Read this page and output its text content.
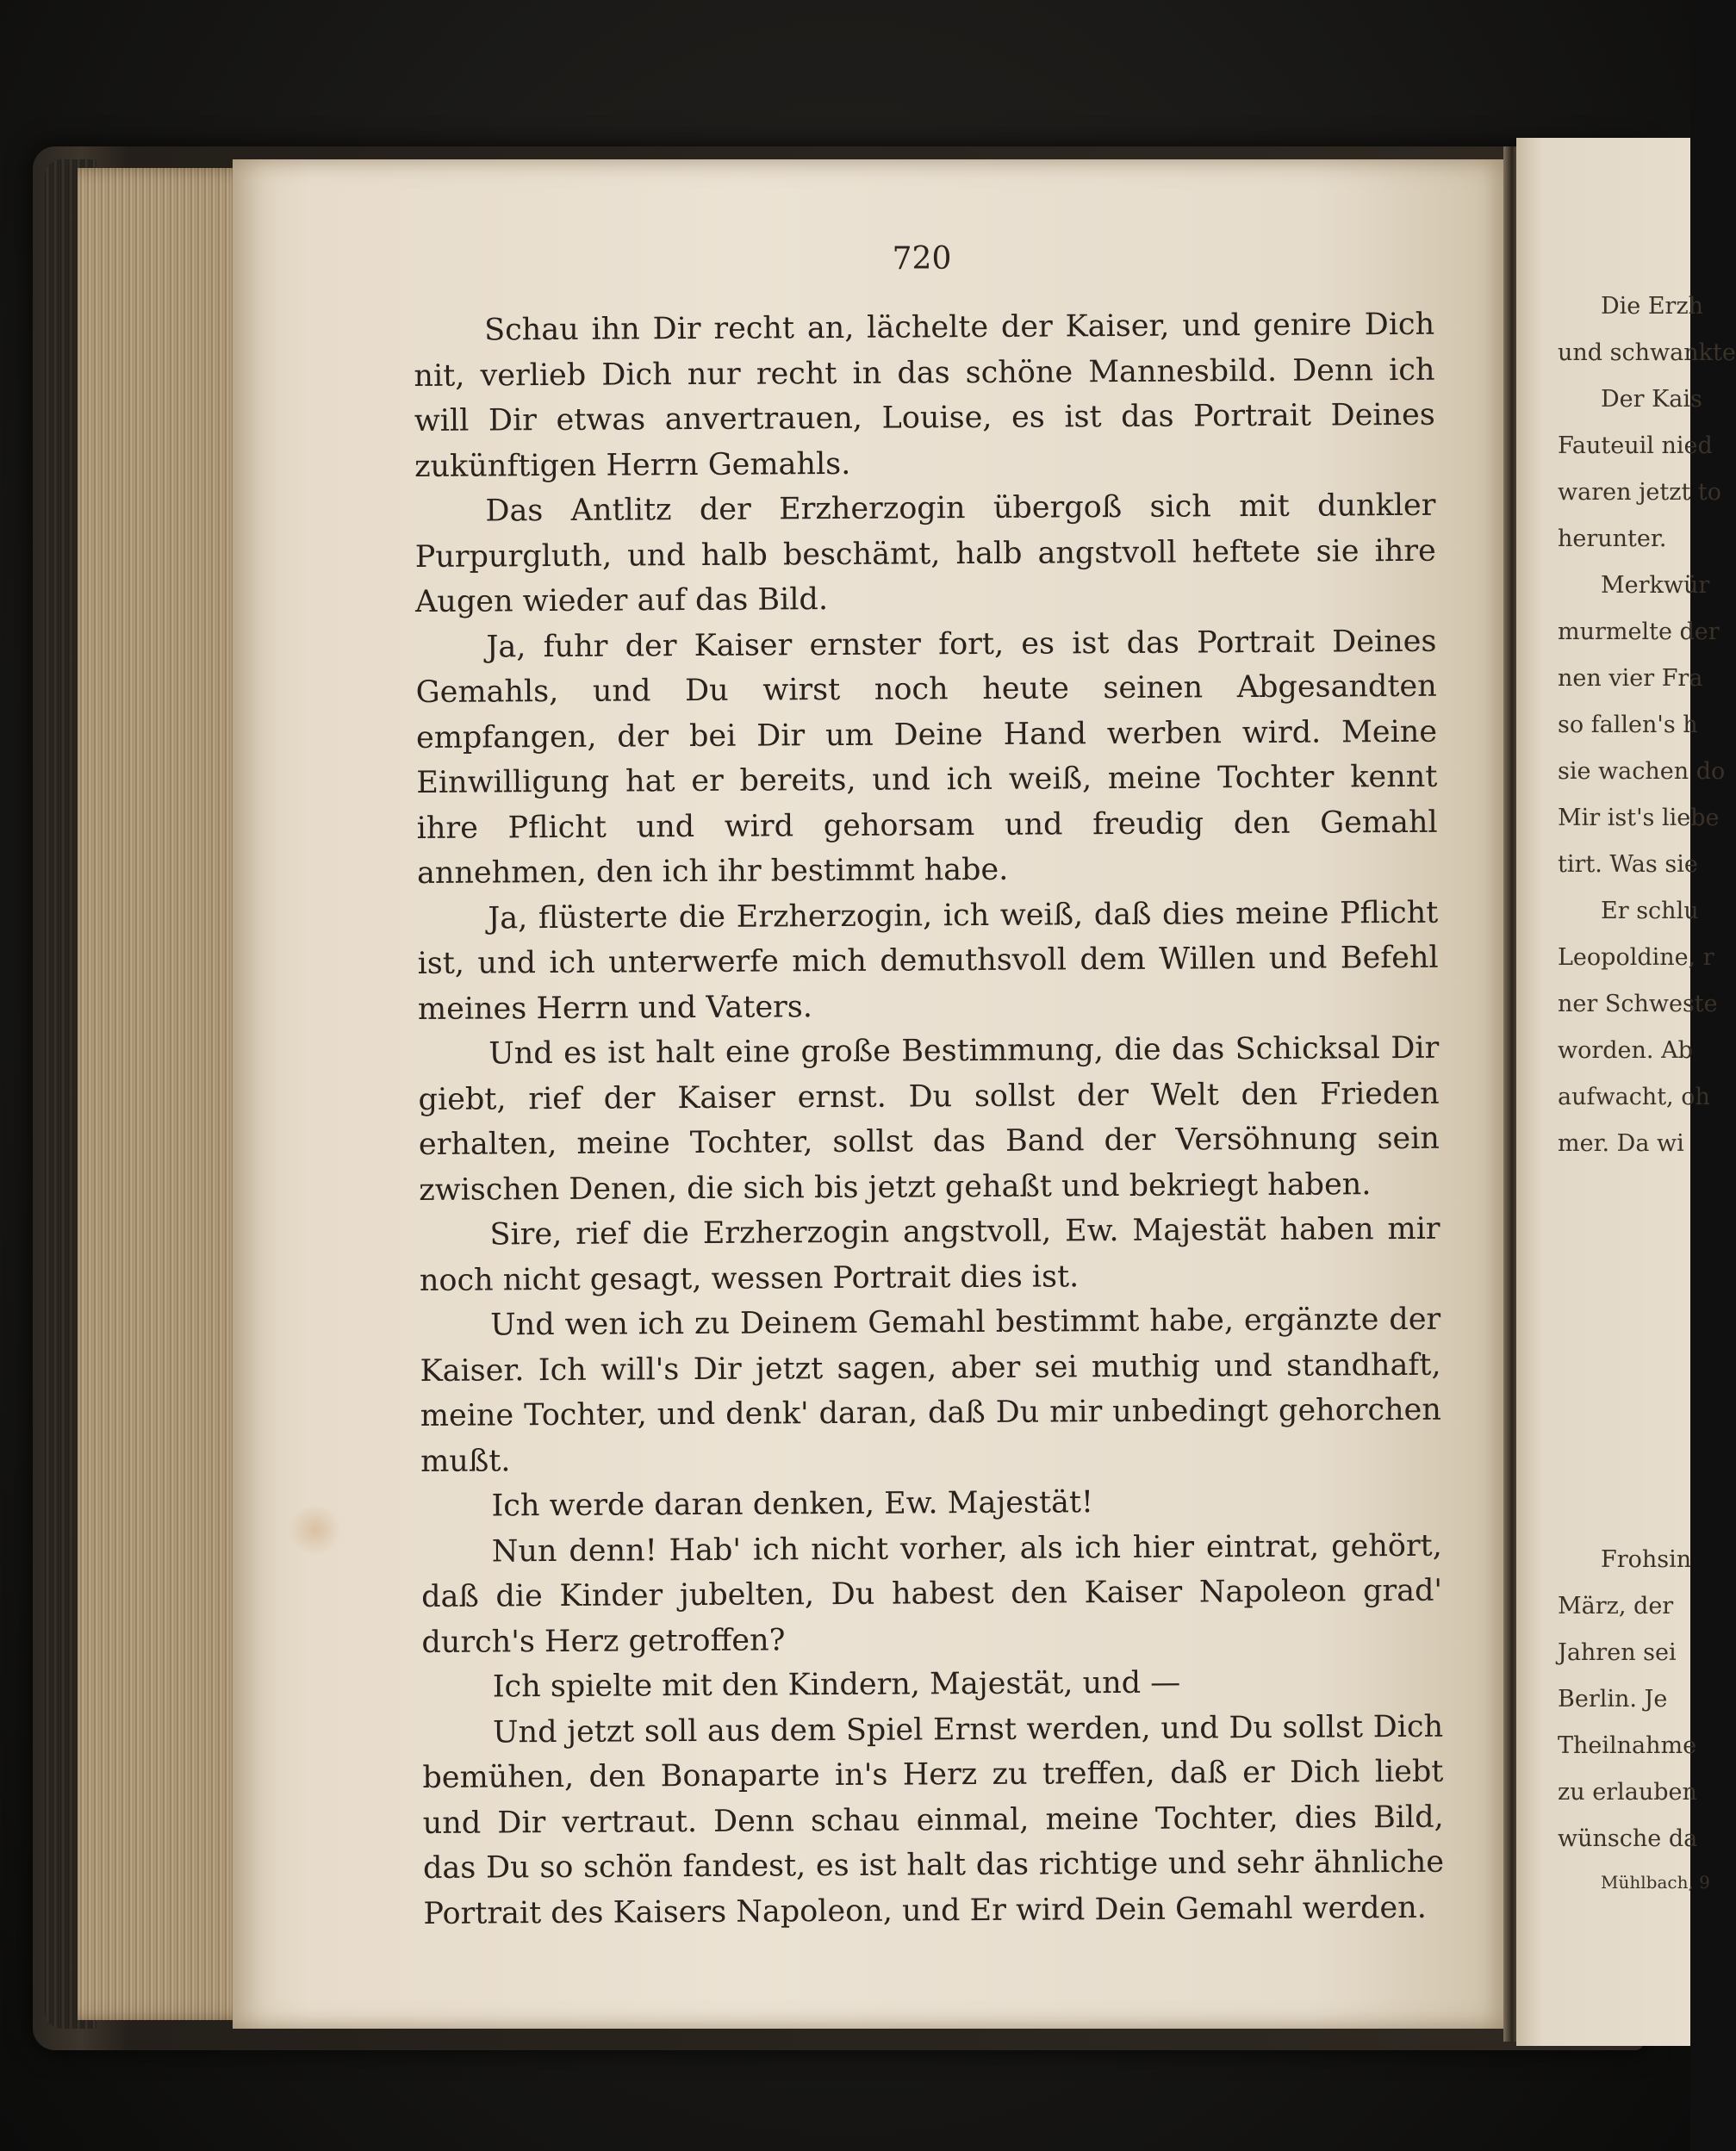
720

Schau ihn Dir recht an, lächelte der Kaiser, und genire Dich nit, verlieb Dich nur recht in das schöne Mannesbild. Denn ich will Dir etwas anvertrauen, Louise, es ist das Portrait Deines zukünftigen Herrn Gemahls.

Das Antlitz der Erzherzogin übergoß sich mit dunkler Purpurgluth, und halb beschämt, halb angstvoll heftete sie ihre Augen wieder auf das Bild.

Ja, fuhr der Kaiser ernster fort, es ist das Portrait Deines Gemahls, und Du wirst noch heute seinen Abgesandten empfangen, der bei Dir um Deine Hand werben wird. Meine Einwilligung hat er bereits, und ich weiß, meine Tochter kennt ihre Pflicht und wird gehorsam und freudig den Gemahl annehmen, den ich ihr bestimmt habe.

Ja, flüsterte die Erzherzogin, ich weiß, daß dies meine Pflicht ist, und ich unterwerfe mich demuthsvoll dem Willen und Befehl meines Herrn und Vaters.

Und es ist halt eine große Bestimmung, die das Schicksal Dir giebt, rief der Kaiser ernst. Du sollst der Welt den Frieden erhalten, meine Tochter, sollst das Band der Versöhnung sein zwischen Denen, die sich bis jetzt gehaßt und bekriegt haben.

Sire, rief die Erzherzogin angstvoll, Ew. Majestät haben mir noch nicht gesagt, wessen Portrait dies ist.

Und wen ich zu Deinem Gemahl bestimmt habe, ergänzte der Kaiser. Ich will's Dir jetzt sagen, aber sei muthig und standhaft, meine Tochter, und denk' daran, daß Du mir unbedingt gehorchen mußt.

Ich werde daran denken, Ew. Majestät!

Nun denn! Hab' ich nicht vorher, als ich hier eintrat, gehört, daß die Kinder jubelten, Du habest den Kaiser Napoleon grad' durch's Herz getroffen?

Ich spielte mit den Kindern, Majestät, und —

Und jetzt soll aus dem Spiel Ernst werden, und Du sollst Dich bemühen, den Bonaparte in's Herz zu treffen, daß er Dich liebt und Dir vertraut. Denn schau einmal, meine Tochter, dies Bild, das Du so schön fandest, es ist halt das richtige und sehr ähnliche Portrait des Kaisers Napoleon, und Er wird Dein Gemahl werden.

Die Erzh
und schwankte
Der Kais
Fauteuil nied
waren jetzt to
herunter.
Merkwür
murmelte der
nen vier Fra
so fallen's h
sie wachen do
Mir ist's liebe
tirt. Was sie
Er schlu
Leopoldine, r
ner Schweste
worden. Ab
aufwacht, oh
mer. Da wi
Frohsin
März, der
Jahren sei
Berlin. Je
Theilnahme
zu erlauben
wünsche da
Mühlbach, 9
